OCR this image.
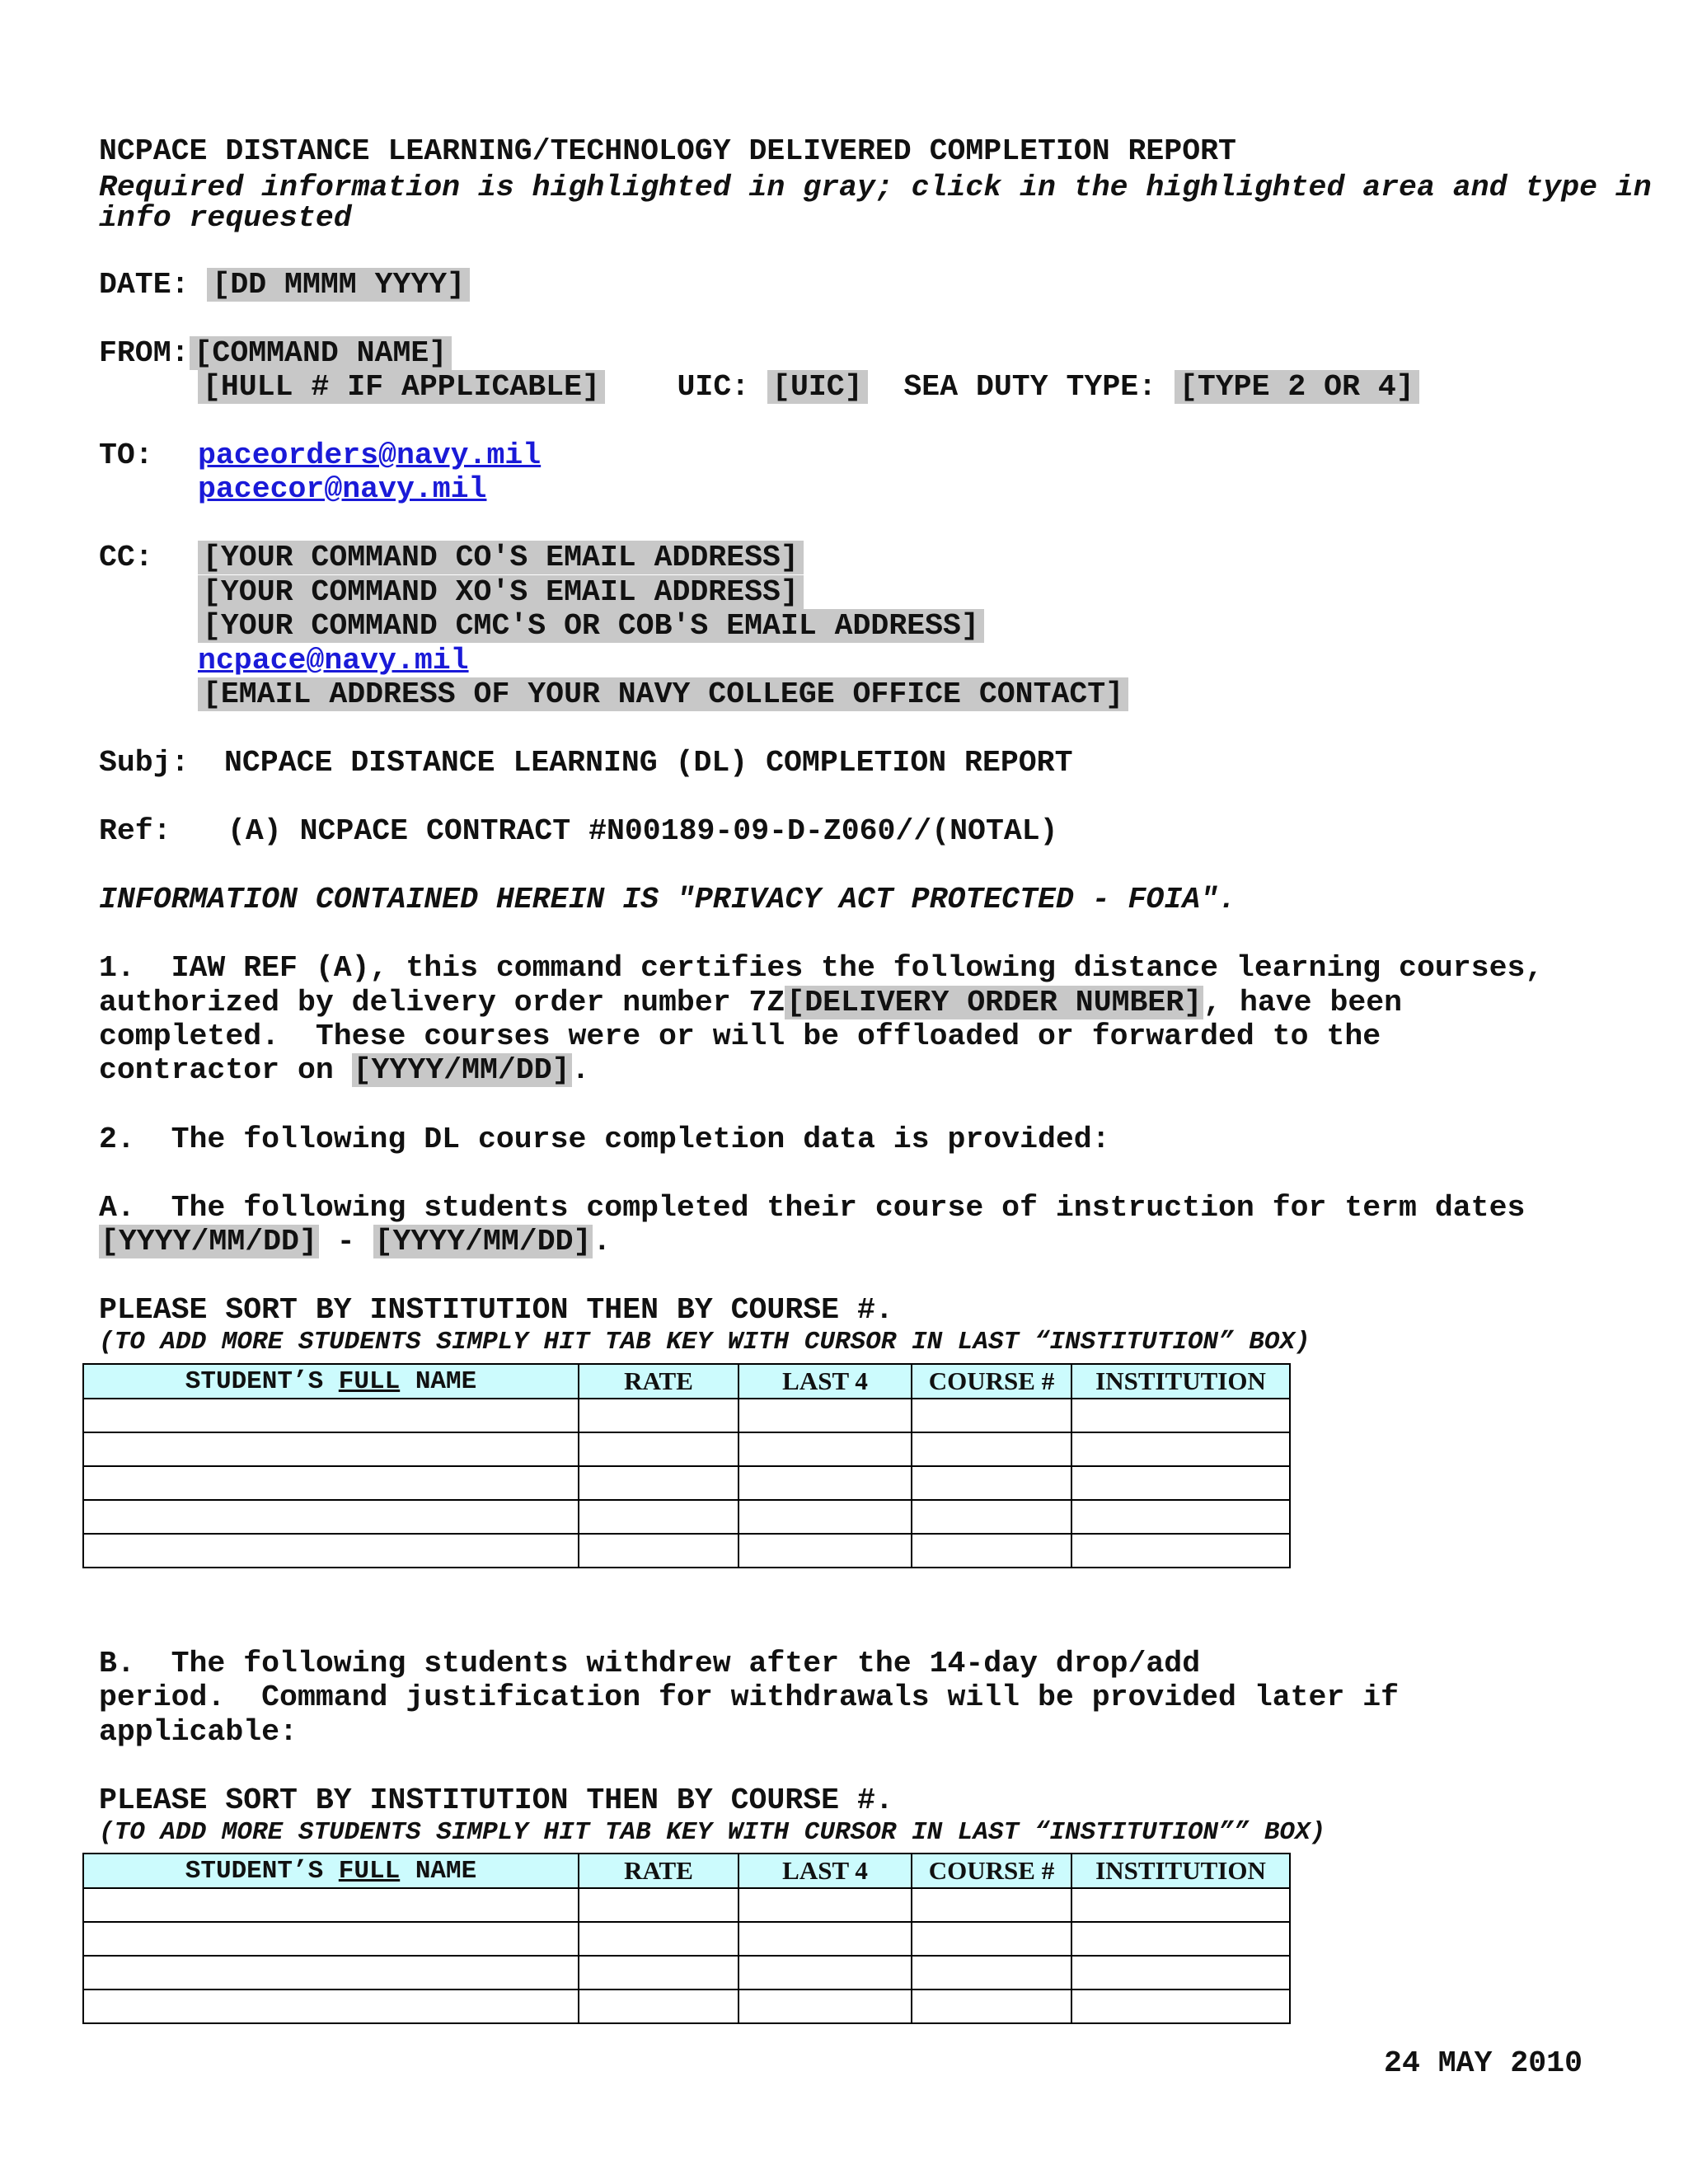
NCPACE DISTANCE LEARNING/TECHNOLOGY DELIVERED COMPLETION REPORT
Required information is highlighted in gray; click in the highlighted area and type in
info requested
DATE: [DD MMMM YYYY]
FROM: [COMMAND NAME]
[HULL # IF APPLICABLE]	UIC: [UIC] SEA DUTY TYPE: [TYPE 2 OR 4]
TO: paceorders@navy.mil
pacecor@navy.mil
CC: [YOUR COMMAND CO'S EMAIL ADDRESS]
[YOUR COMMAND XO'S EMAIL ADDRESS]
[YOUR COMMAND CMC'S OR COB'S EMAIL ADDRESS]
ncpace@navy.mil
[EMAIL ADDRESS OF YOUR NAVY COLLEGE OFFICE CONTACT]
Subj: NCPACE DISTANCE LEARNING (DL) COMPLETION REPORT
Ref: (A) NCPACE CONTRACT #N00189-09-D-Z060//(NOTAL)
INFORMATION CONTAINED HEREIN IS "PRIVACY ACT PROTECTED - FOIA".
1.  IAW REF (A), this command certifies the following distance learning courses,
authorized by delivery order number 7Z[DELIVERY ORDER NUMBER], have been
completed.  These courses were or will be offloaded or forwarded to the
contractor on [YYYY/MM/DD].
2.  The following DL course completion data is provided:
A.  The following students completed their course of instruction for term dates
[YYYY/MM/DD] - [YYYY/MM/DD].
PLEASE SORT BY INSTITUTION THEN BY COURSE #.
(TO ADD MORE STUDENTS SIMPLY HIT TAB KEY WITH CURSOR IN LAST “INSTITUTION” BOX)
STUDENT’S FULL NAME	RATE	LAST 4	COURSE #	INSTITUTION

B.  The following students withdrew after the 14-day drop/add
period.  Command justification for withdrawals will be provided later if
applicable:
PLEASE SORT BY INSTITUTION THEN BY COURSE #.
(TO ADD MORE STUDENTS SIMPLY HIT TAB KEY WITH CURSOR IN LAST “INSTITUTION”” BOX)
STUDENT’S FULL NAME	RATE	LAST 4	COURSE #	INSTITUTION

24 MAY 2010
